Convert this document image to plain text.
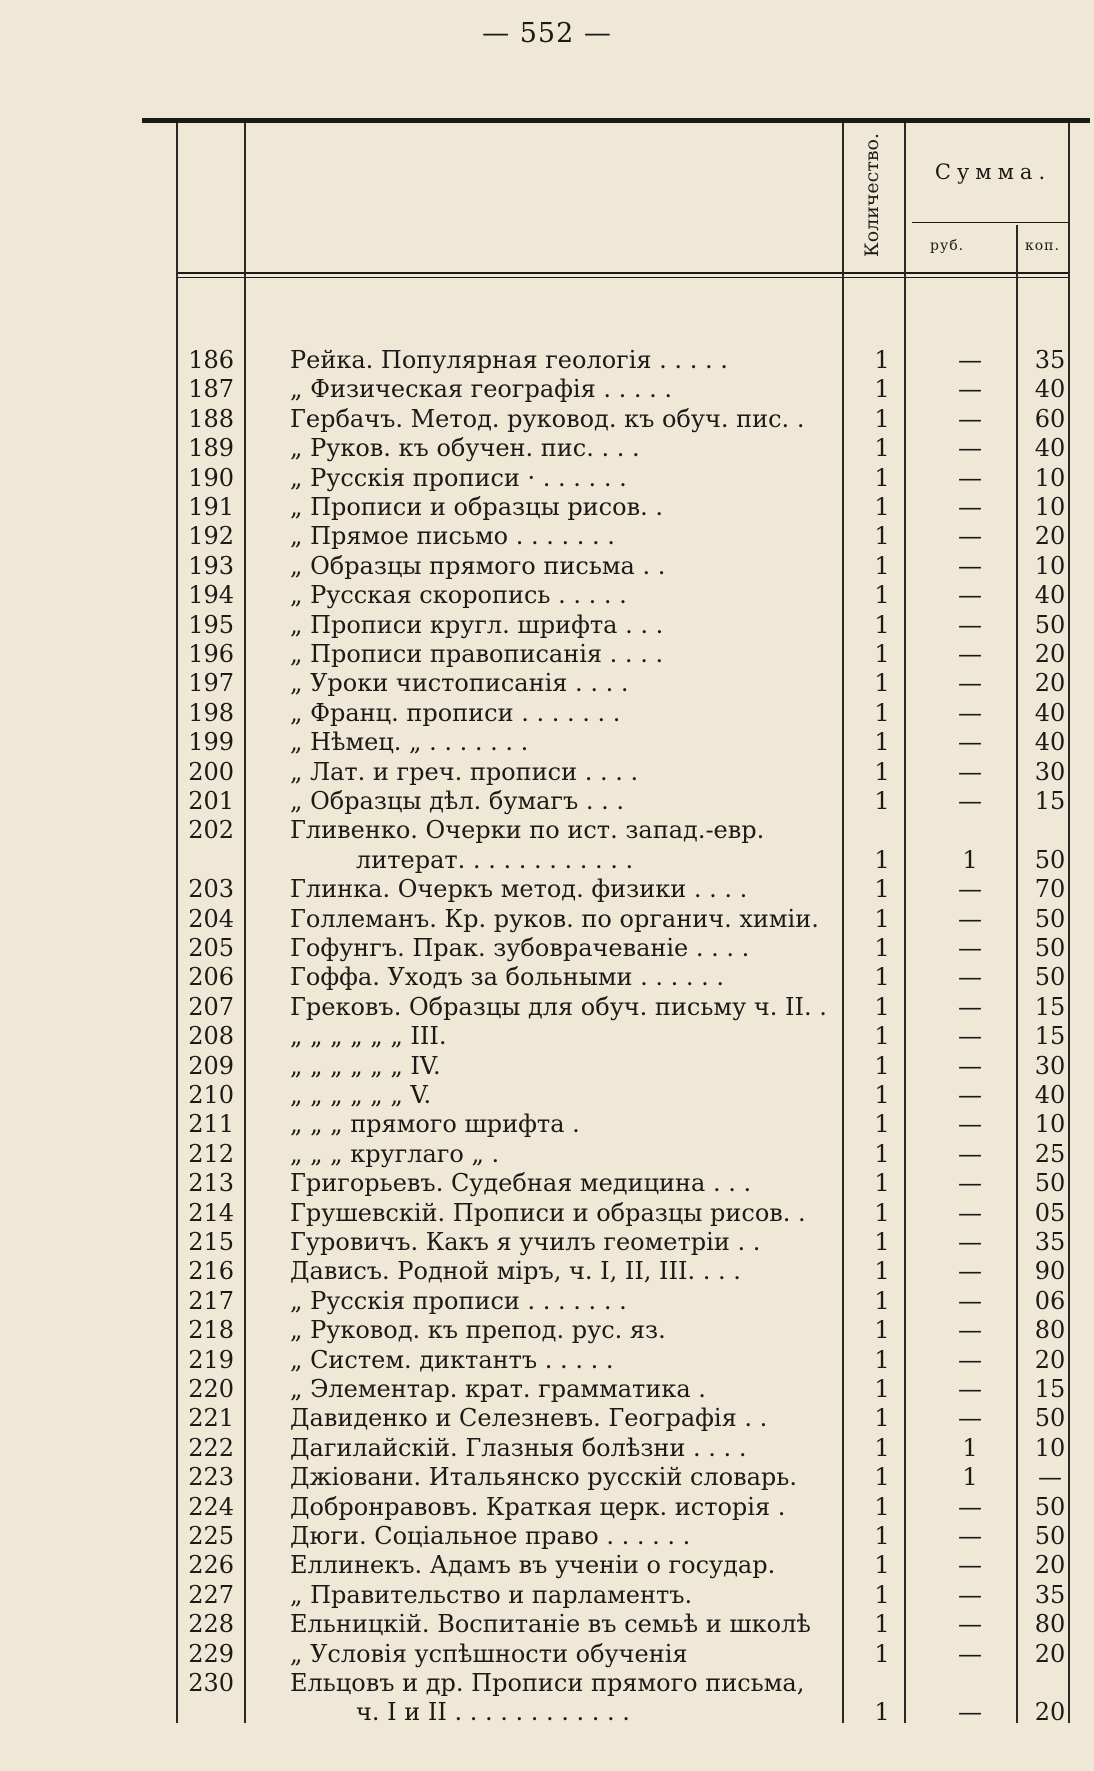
— 552 —
Количество.	Сумма.
руб.	коп.
186 Рейка. Популярная геологія . . . . .	1	—	35
187 „ Физическая географія . . . . .	1	—	40
188 Гербачъ. Метод. руковод. къ обуч. пис. .	1	—	60
189 „ Руков. къ обучен. пис. . . .	1	—	40
190 „ Русскія прописи · . . . . . .	1	—	10
191 „ Прописи и образцы рисов. .	1	—	10
192 „ Прямое письмо . . . . . . .	1	—	20
193 „ Образцы прямого письма . .	1	—	10
194 „ Русская скоропись . . . . .	1	—	40
195 „ Прописи кругл. шрифта . . .	1	—	50
196 „ Прописи правописанія . . . .	1	—	20
197 „ Уроки чистописанія . . . .	1	—	20
198 „ Франц. прописи . . . . . . .	1	—	40
199 „ Нѣмец. „ . . . . . . .	1	—	40
200 „ Лат. и греч. прописи . . . .	1	—	30
201 „ Образцы дѣл. бумагъ . . .	1	—	15
202 Гливенко. Очерки по ист. запад.-евр.
литерат. . . . . . . . . . . .	1	1	50
203 Глинка. Очеркъ метод. физики . . . .	1	—	70
204 Голлеманъ. Кр. руков. по органич. химіи.	1	—	50
205 Гофунгъ. Прак. зубоврачеваніе . . . .	1	—	50
206 Гоффа. Уходъ за больными . . . . . .	1	—	50
207 Грековъ. Образцы для обуч. письму ч. II. .	1	—	15
208 „ „ „ „ „ „ III.	1	—	15
209 „ „ „ „ „ „ IV.	1	—	30
210 „ „ „ „ „ „ V.	1	—	40
211 „ „ „ прямого шрифта .	1	—	10
212 „ „ „ круглаго „ .	1	—	25
213 Григорьевъ. Судебная медицина . . .	1	—	50
214 Грушевскій. Прописи и образцы рисов. .	1	—	05
215 Гуровичъ. Какъ я училъ геометріи . .	1	—	35
216 Дависъ. Родной міръ, ч. I, II, III. . . .	1	—	90
217 „ Русскія прописи . . . . . . .	1	—	06
218 „ Руковод. къ препод. рус. яз.	1	—	80
219 „ Систем. диктантъ . . . . .	1	—	20
220 „ Элементар. крат. грамматика .	1	—	15
221 Давиденко и Селезневъ. Географія . .	1	—	50
222 Дагилайскій. Глазныя болѣзни . . . .	1	1	10
223 Джіовани. Итальянско русскій словарь.	1	1	—
224 Добронравовъ. Краткая церк. исторія .	1	—	50
225 Дюги. Соціальное право . . . . . .	1	—	50
226 Еллинекъ. Адамъ въ ученіи о государ.	1	—	20
227 „ Правительство и парламентъ.	1	—	35
228 Ельницкій. Воспитаніе въ семьѣ и школѣ	1	—	80
229 „ Условія успѣшности обученія	1	—	20
230 Ельцовъ и др. Прописи прямого письма,
ч. I и II . . . . . . . . . . . .	1	—	20
